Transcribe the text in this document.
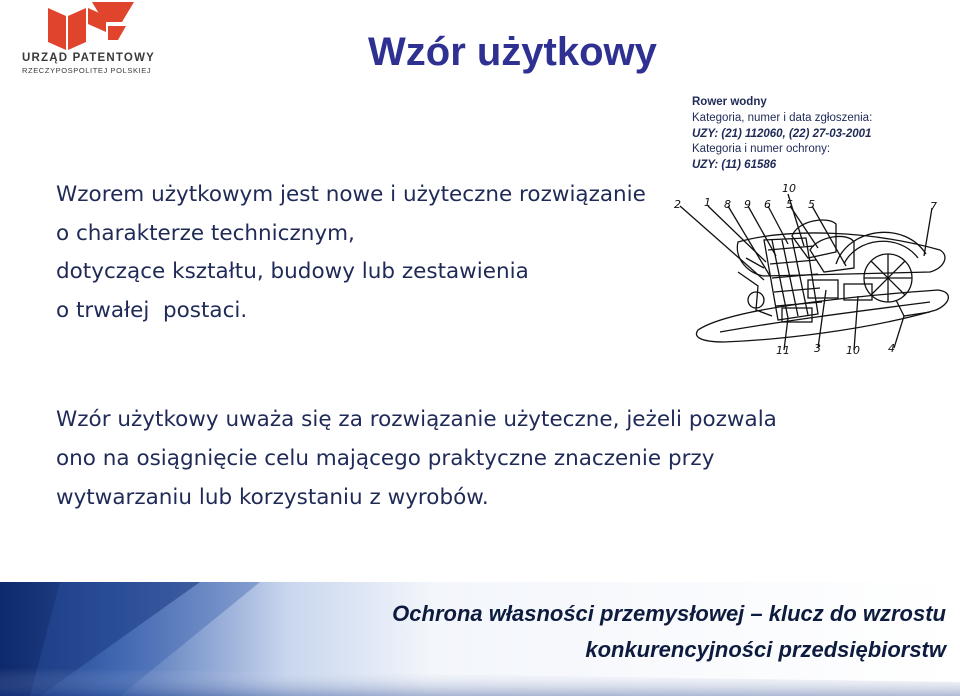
URZĄD PATENTOWY
RZECZYPOSPOLITEJ POLSKIEJ	Wzór użytkowy
Rower wodny
Kategoria, numer i data zgłoszenia:
UZY: (21) 112060, (22) 27-03-2001
Kategoria i numer ochrony:
UZY: (11) 61586
2 1 8 9 6
10
5 5	7
11 3 10	4
Wzorem użytkowym jest nowe i użyteczne rozwiązanie
o charakterze technicznym,
dotyczące kształtu, budowy lub zestawienia
o trwałej  postaci.
Wzór użytkowy uważa się za rozwiązanie użyteczne, jeżeli pozwala
ono na osiągnięcie celu mającego praktyczne znaczenie przy
wytwarzaniu lub korzystaniu z wyrobów.
Ochrona własności przemysłowej – klucz do wzrostu
konkurencyjności przedsiębiorstw
